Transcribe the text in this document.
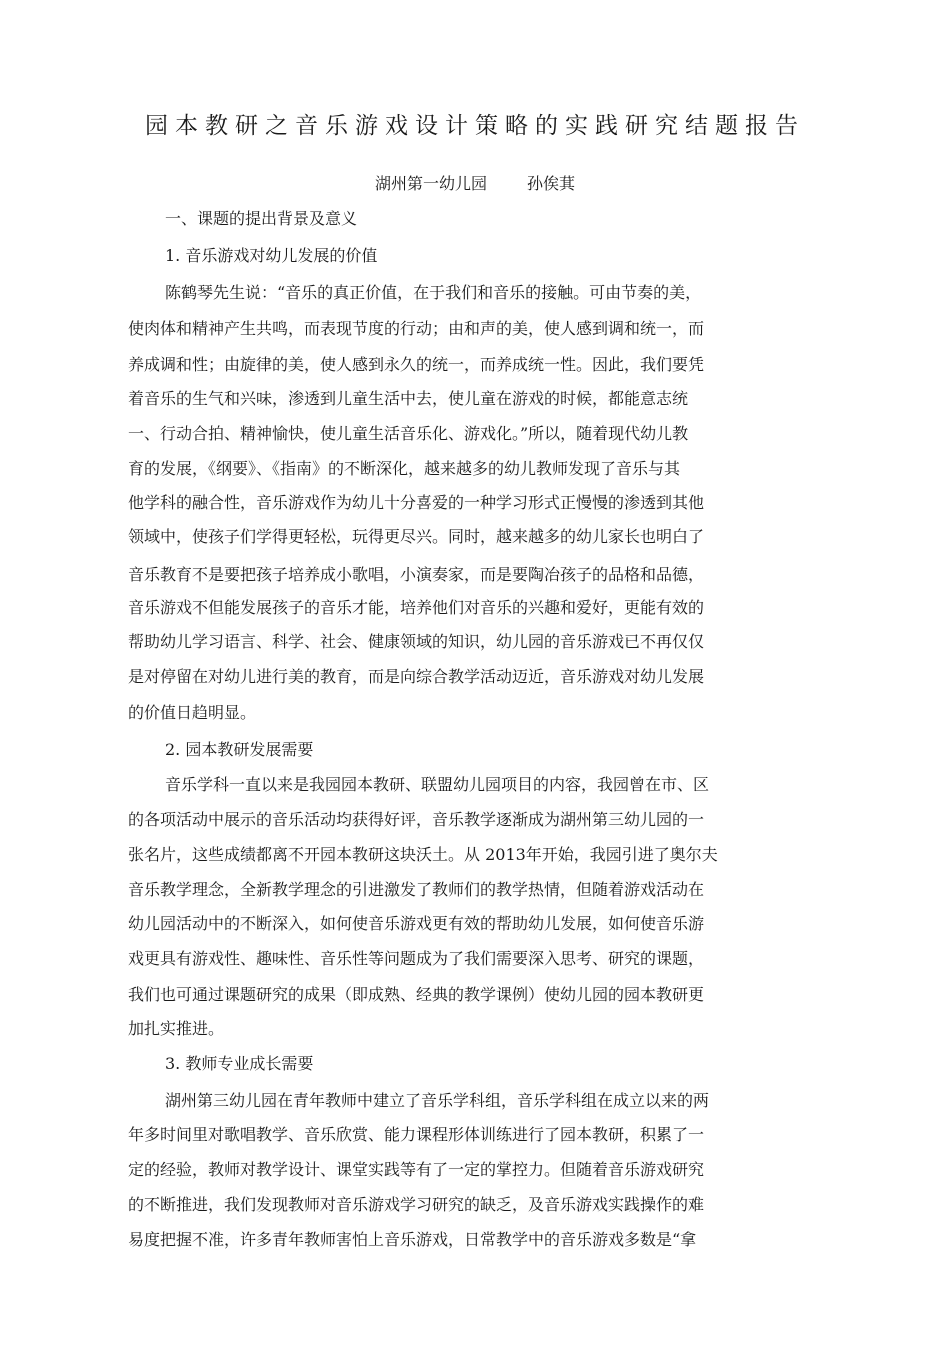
园本教研之音乐游戏设计策略的实践研究结题报告
湖州第一幼儿园	孙俟萁
一、课题的提出背景及意义
1. 音乐游戏对幼儿发展的价值
陈鹤琴先生说：“音乐的真正价值，在于我们和音乐的接触。可由节奏的美，
使肉体和精神产生共鸣，而表现节度的行动；由和声的美，使人感到调和统一，而
养成调和性；由旋律的美，使人感到永久的统一，而养成统一性。因此，我们要凭
着音乐的生气和兴味，渗透到儿童生活中去，使儿童在游戏的时候，都能意志统
一、行动合拍、精神愉快，使儿童生活音乐化、游戏化。”所以，随着现代幼儿教
育的发展，《纲要》、《指南》的不断深化，越来越多的幼儿教师发现了音乐与其
他学科的融合性，音乐游戏作为幼儿十分喜爱的一种学习形式正慢慢的渗透到其他
领域中，使孩子们学得更轻松，玩得更尽兴。同时，越来越多的幼儿家长也明白了
音乐教育不是要把孩子培养成小歌唱，小演奏家，而是要陶冶孩子的品格和品德，
音乐游戏不但能发展孩子的音乐才能，培养他们对音乐的兴趣和爱好，更能有效的
帮助幼儿学习语言、科学、社会、健康领域的知识，幼儿园的音乐游戏已不再仅仅
是对停留在对幼儿进行美的教育，而是向综合教学活动迈近，音乐游戏对幼儿发展
的价值日趋明显。
2. 园本教研发展需要
音乐学科一直以来是我园园本教研、联盟幼儿园项目的内容，我园曾在市、区
的各项活动中展示的音乐活动均获得好评，音乐教学逐渐成为湖州第三幼儿园的一
张名片，这些成绩都离不开园本教研这块沃土。从 2013年开始，我园引进了奥尔夫
音乐教学理念，全新教学理念的引进激发了教师们的教学热情，但随着游戏活动在
幼儿园活动中的不断深入，如何使音乐游戏更有效的帮助幼儿发展，如何使音乐游
戏更具有游戏性、趣味性、音乐性等问题成为了我们需要深入思考、研究的课题，
我们也可通过课题研究的成果（即成熟、经典的教学课例）使幼儿园的园本教研更
加扎实推进。
3. 教师专业成长需要
湖州第三幼儿园在青年教师中建立了音乐学科组，音乐学科组在成立以来的两
年多时间里对歌唱教学、音乐欣赏、能力课程形体训练进行了园本教研，积累了一
定的经验，教师对教学设计、课堂实践等有了一定的掌控力。但随着音乐游戏研究
的不断推进，我们发现教师对音乐游戏学习研究的缺乏，及音乐游戏实践操作的难
易度把握不准，许多青年教师害怕上音乐游戏，日常教学中的音乐游戏多数是“拿
